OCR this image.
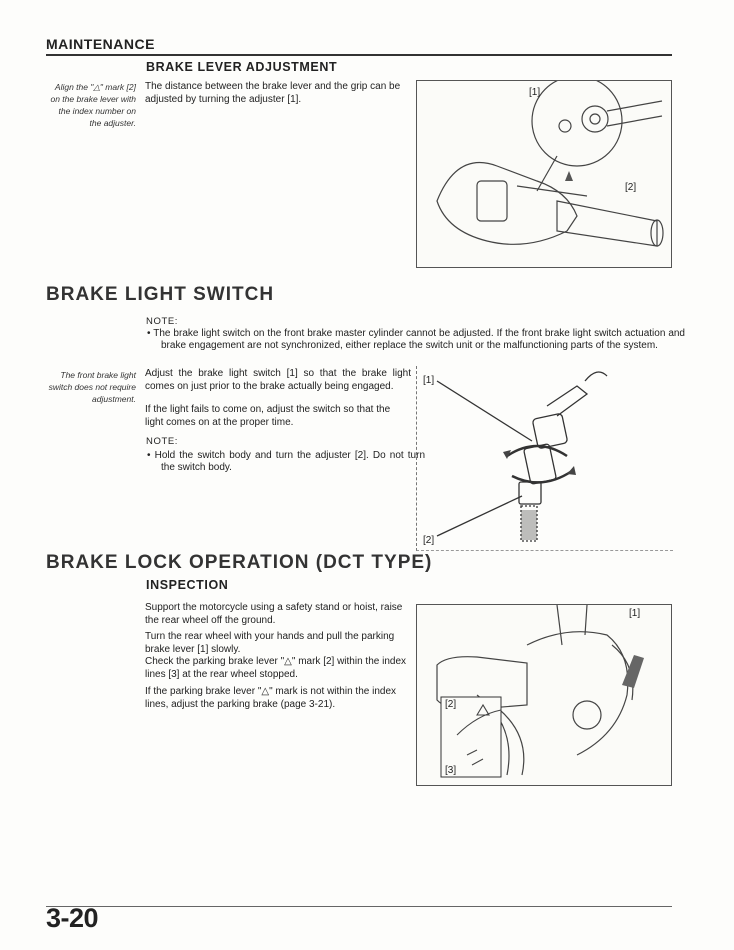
MAINTENANCE
BRAKE LEVER ADJUSTMENT
Align the "△" mark [2] on the brake lever with the index number on the adjuster.
The distance between the brake lever and the grip can be adjusted by turning the adjuster [1].
[1]
[2]
BRAKE LIGHT SWITCH
NOTE:
• The brake light switch on the front brake master cylinder cannot be adjusted. If the front brake light switch actuation and brake engagement are not synchronized, either replace the switch unit or the malfunctioning parts of the system.
The front brake light switch does not require adjustment.
Adjust the brake light switch [1] so that the brake light comes on just prior to the brake actually being engaged.
If the light fails to come on, adjust the switch so that the light comes on at the proper time.
NOTE:
• Hold the switch body and turn the adjuster [2]. Do not turn the switch body.
[1]
[2]
BRAKE LOCK OPERATION (DCT TYPE)
INSPECTION
Support the motorcycle using a safety stand or hoist, raise the rear wheel off the ground.
Turn the rear wheel with your hands and pull the parking brake lever [1] slowly.
Check the parking brake lever "△" mark [2] within the index lines [3] at the rear wheel stopped.
If the parking brake lever "△" mark is not within the index lines, adjust the parking brake (page 3-21).
[1]
[2]
[3]
3-20
